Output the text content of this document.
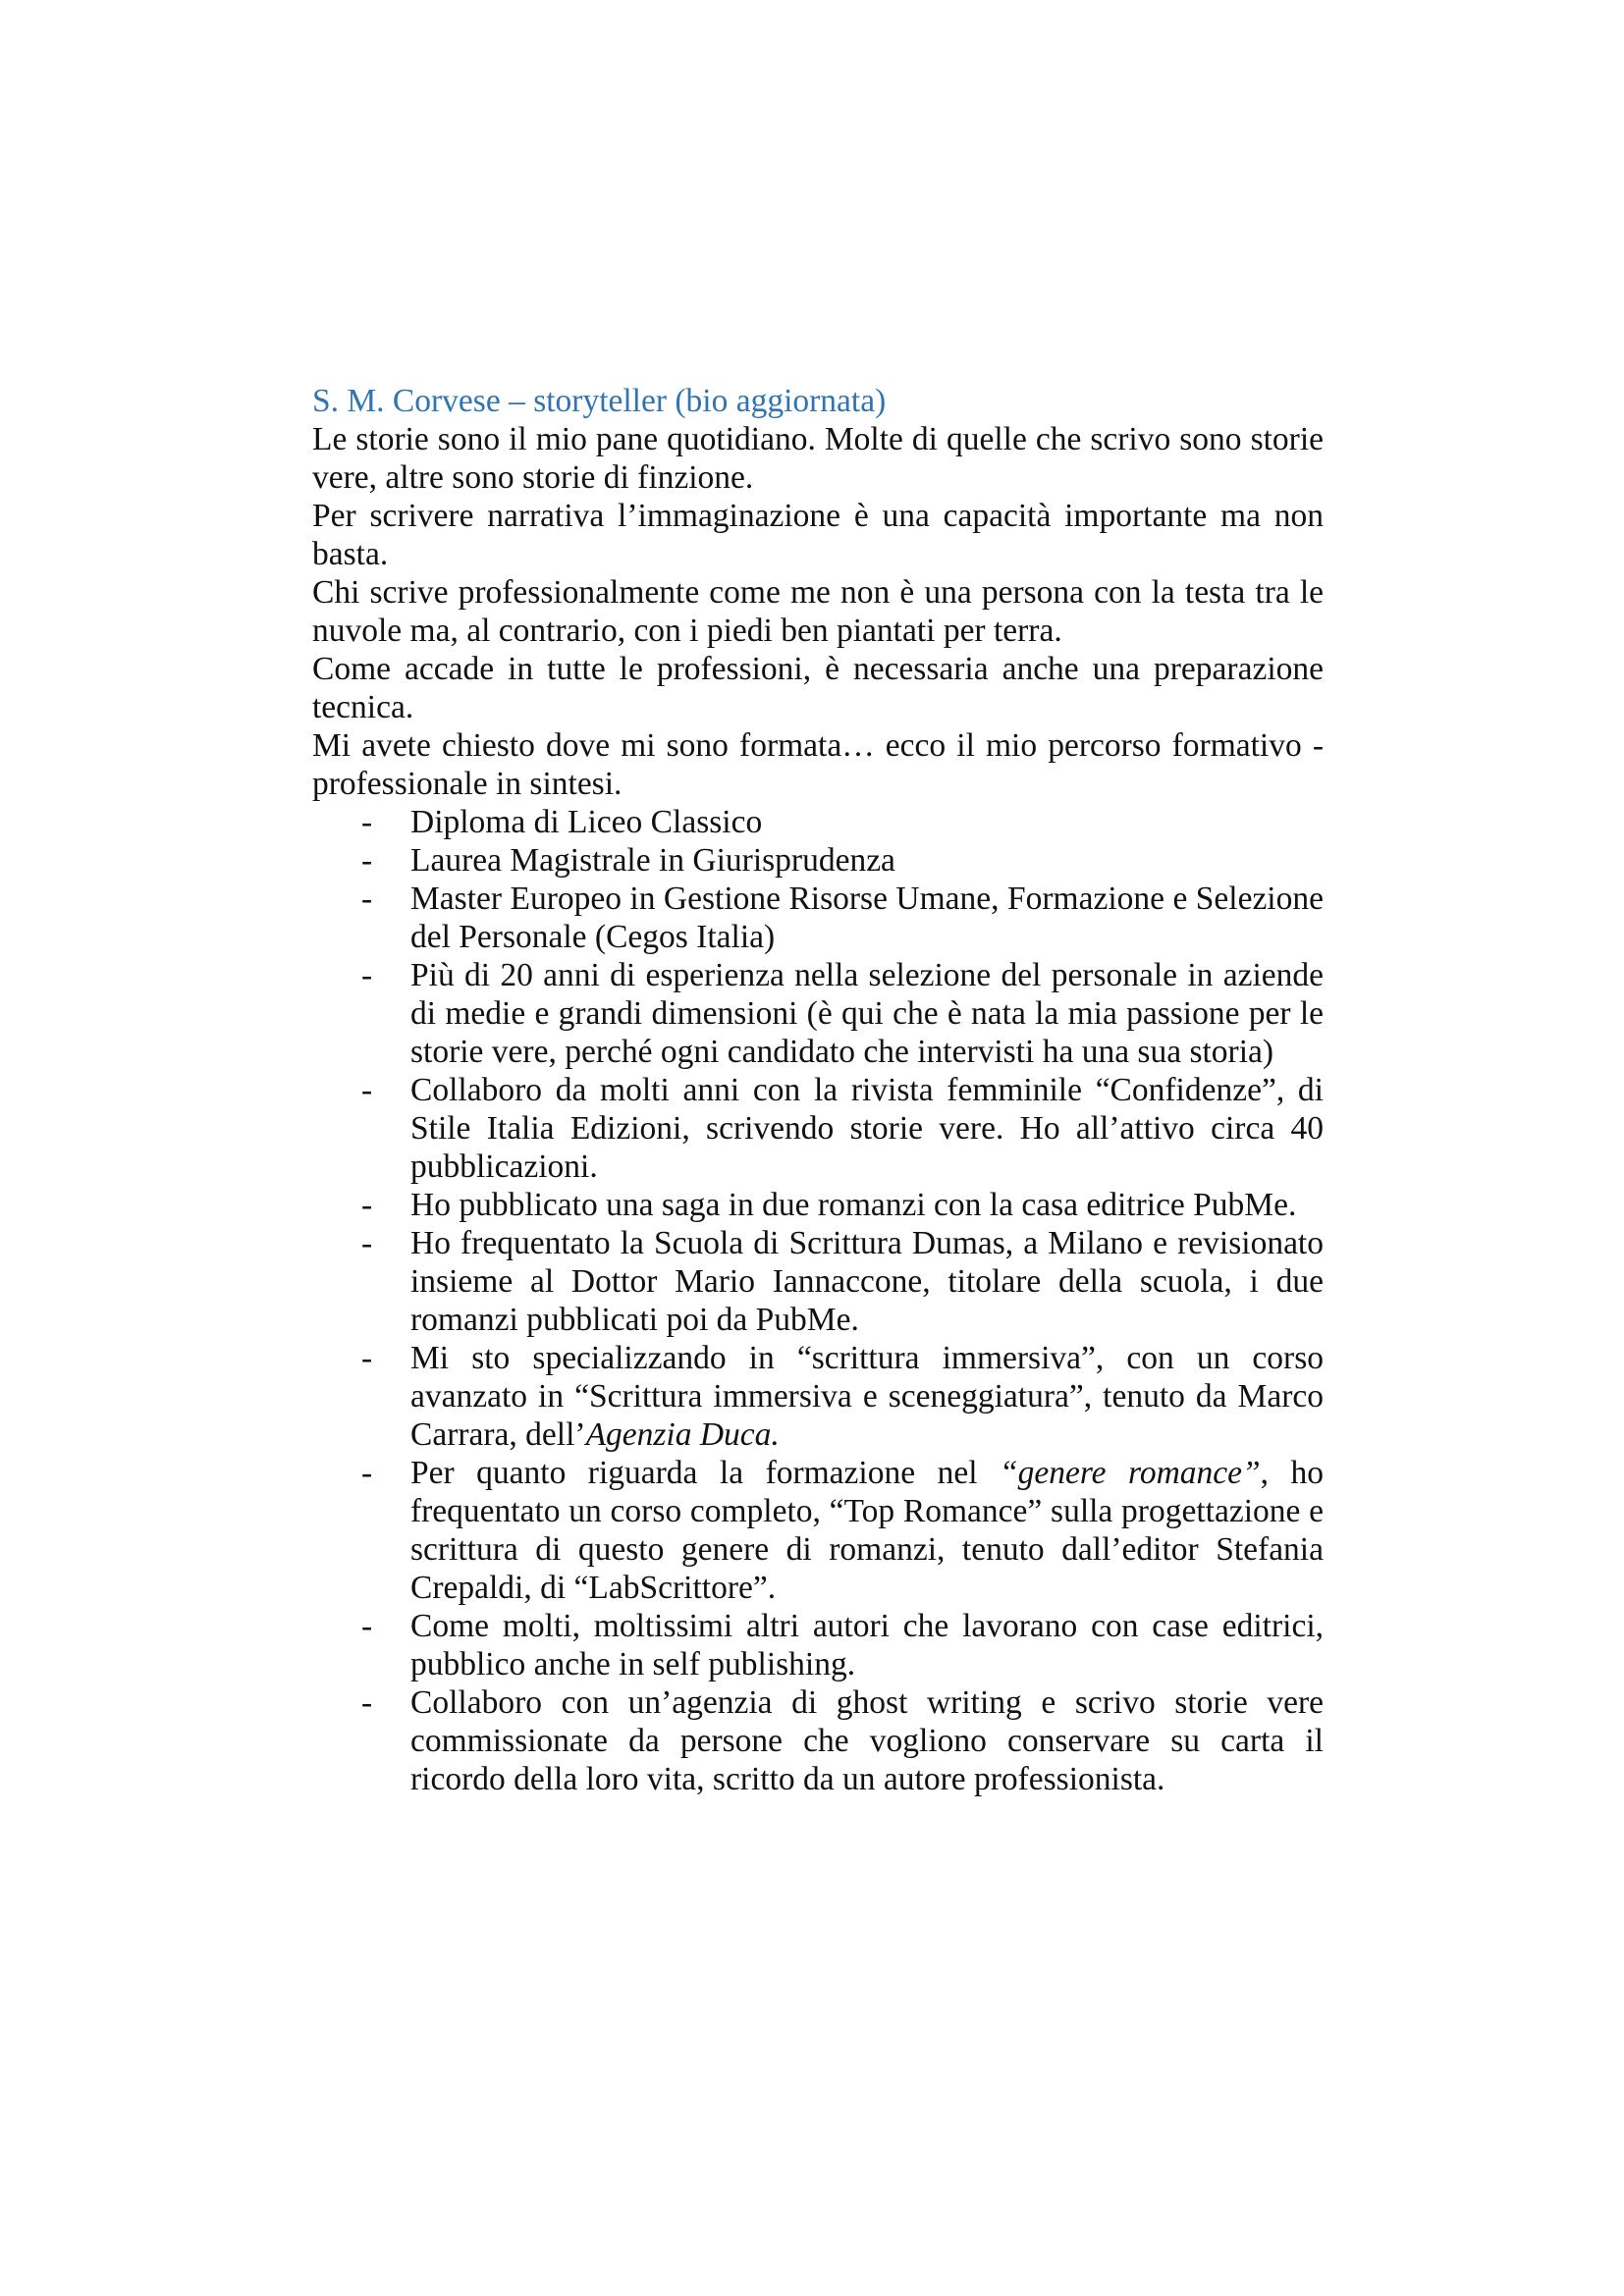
S. M. Corvese – storyteller (bio aggiornata)

Le storie sono il mio pane quotidiano. Molte di quelle che scrivo sono storie vere, altre sono storie di finzione.

Per scrivere narrativa l’immaginazione è una capacità importante ma non basta.

Chi scrive professionalmente come me non è una persona con la testa tra le nuvole ma, al contrario, con i piedi ben piantati per terra.

Come accade in tutte le professioni, è necessaria anche una preparazione tecnica.

Mi avete chiesto dove mi sono formata… ecco il mio percorso formativo - professionale in sintesi.

- Diploma di Liceo Classico
- Laurea Magistrale in Giurisprudenza
- Master Europeo in Gestione Risorse Umane, Formazione e Selezione del Personale (Cegos Italia)
- Più di 20 anni di esperienza nella selezione del personale in aziende di medie e grandi dimensioni (è qui che è nata la mia passione per le storie vere, perché ogni candidato che intervisti ha una sua storia)
- Collaboro da molti anni con la rivista femminile “Confidenze”, di Stile Italia Edizioni, scrivendo storie vere. Ho all’attivo circa 40 pubblicazioni.
- Ho pubblicato una saga in due romanzi con la casa editrice PubMe.
- Ho frequentato la Scuola di Scrittura Dumas, a Milano e revisionato insieme al Dottor Mario Iannaccone, titolare della scuola, i due romanzi pubblicati poi da PubMe.
- Mi sto specializzando in “scrittura immersiva”, con un corso avanzato in “Scrittura immersiva e sceneggiatura”, tenuto da Marco Carrara, dell’Agenzia Duca.
- Per quanto riguarda la formazione nel “genere romance”, ho frequentato un corso completo, “Top Romance” sulla progettazione e scrittura di questo genere di romanzi, tenuto dall’editor Stefania Crepaldi, di “LabScrittore”.
- Come molti, moltissimi altri autori che lavorano con case editrici, pubblico anche in self publishing.
- Collaboro con un’agenzia di ghost writing e scrivo storie vere commissionate da persone che vogliono conservare su carta il ricordo della loro vita, scritto da un autore professionista.
